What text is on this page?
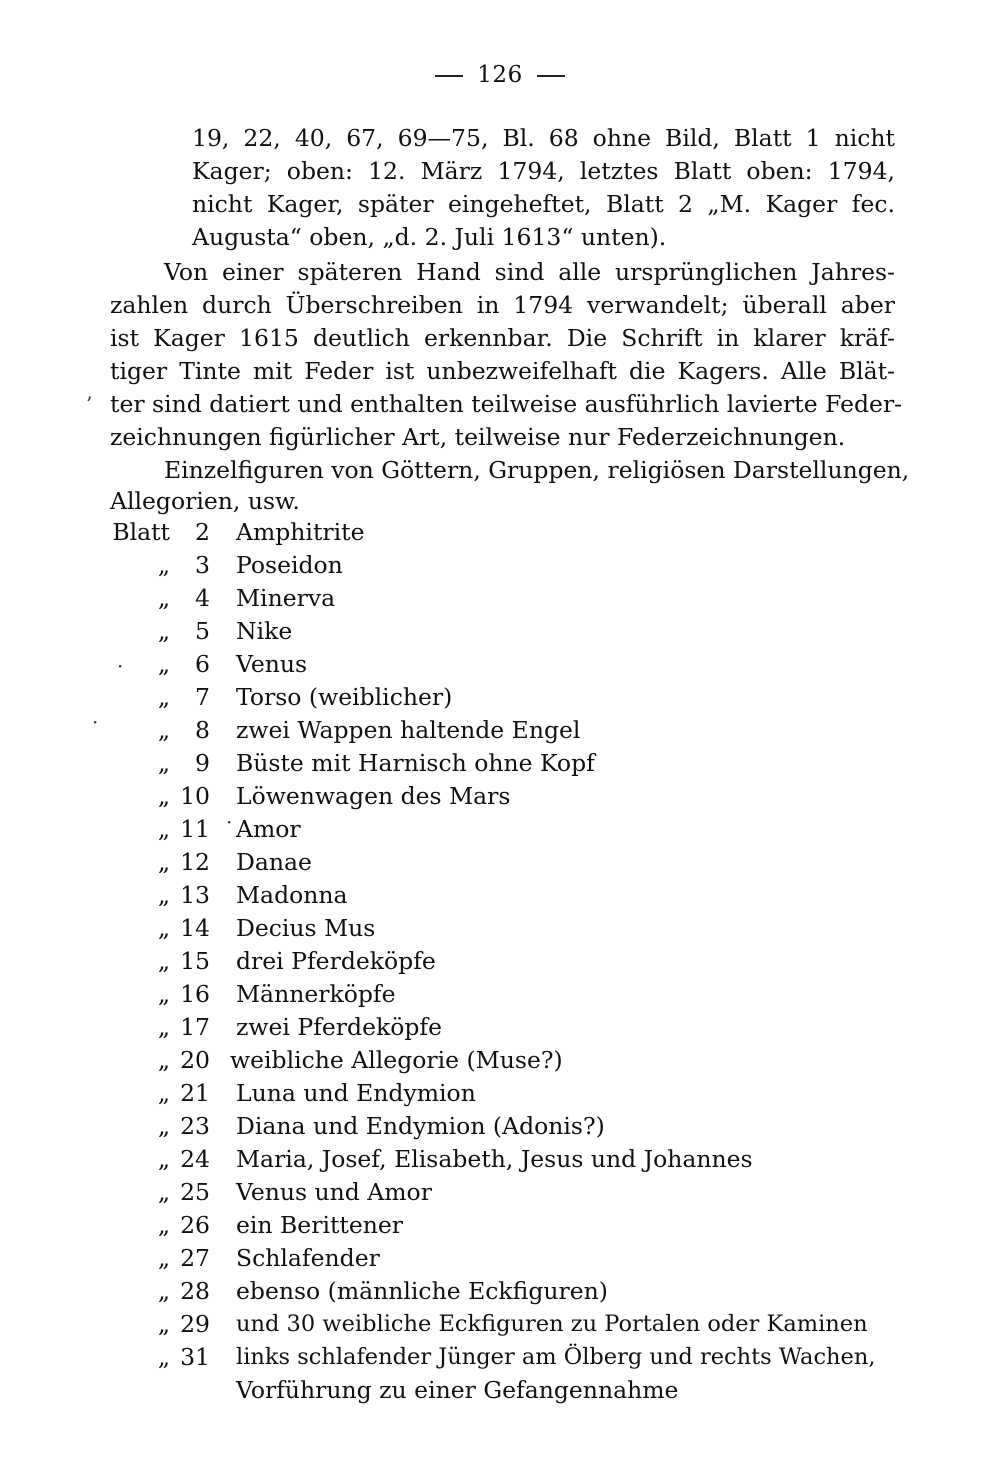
126
19, 22, 40, 67, 69—75, Bl. 68 ohne Bild, Blatt 1 nicht
Kager; oben: 12. März 1794, letztes Blatt oben: 1794,
nicht Kager, später eingeheftet, Blatt 2 „M. Kager fec.
Augusta“ oben, „d. 2. Juli 1613“ unten).
Von einer späteren Hand sind alle ursprünglichen Jahres-
zahlen durch Überschreiben in 1794 verwandelt; überall aber
ist Kager 1615 deutlich erkennbar. Die Schrift in klarer kräf-
tiger Tinte mit Feder ist unbezweifelhaft die Kagers. Alle Blät-
ter sind datiert und enthalten teilweise ausführlich lavierte Feder-
zeichnungen figürlicher Art, teilweise nur Federzeichnungen.
Einzelfiguren von Göttern, Gruppen, religiösen Darstellungen,
Allegorien, usw.
Blatt	2 Amphitrite
„	3 Poseidon
„	4 Minerva
„	5 Nike
„	6 Venus
„	7 Torso (weiblicher)
„	8 zwei Wappen haltende Engel
„	9 Büste mit Harnisch ohne Kopf
„ 10 Löwenwagen des Mars
„ 11 Amor
„ 12 Danae
„ 13 Madonna
„ 14 Decius Mus
„ 15 drei Pferdeköpfe
„ 16 Männerköpfe
„ 17 zwei Pferdeköpfe
„ 20 weibliche Allegorie (Muse?)
„ 21 Luna und Endymion
„ 23 Diana und Endymion (Adonis?)
„ 24 Maria, Josef, Elisabeth, Jesus und Johannes
„ 25 Venus und Amor
„ 26 ein Berittener
„ 27 Schlafender
„ 28 ebenso (männliche Eckfiguren)
„ 29 und 30 weibliche Eckfiguren zu Portalen oder Kaminen
„ 31 links schlafender Jünger am Ölberg und rechts Wachen,
Vorführung zu einer Gefangennahme
’
·
·
·
